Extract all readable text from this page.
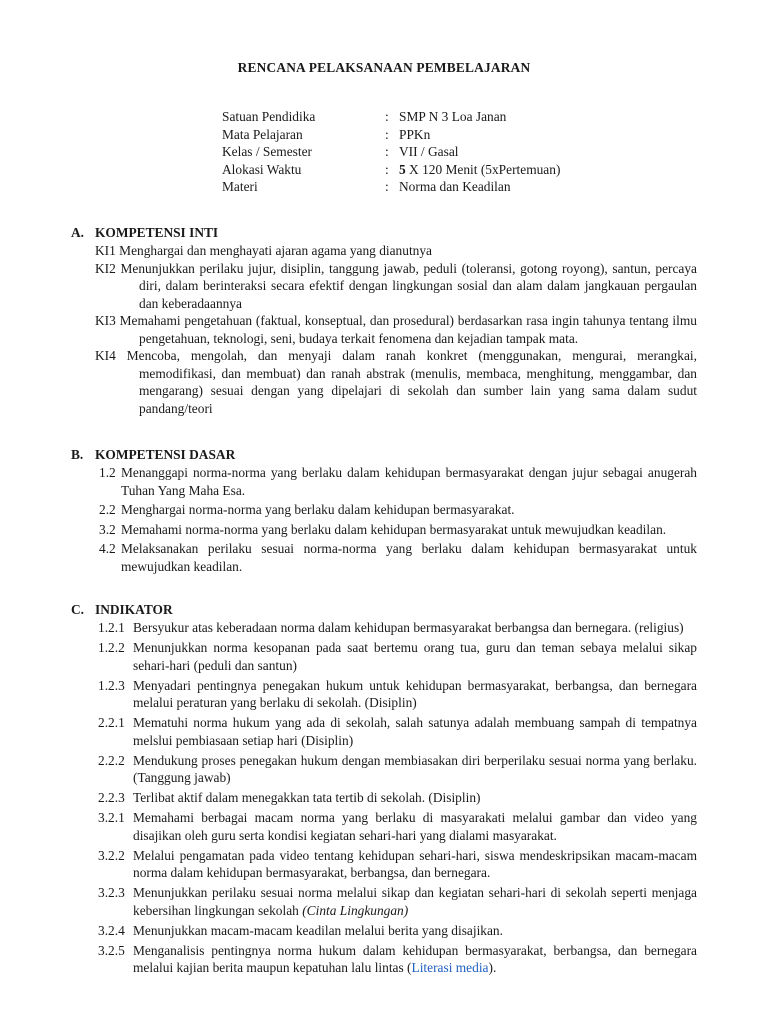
RENCANA PELAKSANAAN PEMBELAJARAN
Satuan Pendidika	: SMP N 3 Loa Janan
Mata Pelajaran	: PPKn
Kelas / Semester	: VII / Gasal
Alokasi Waktu	: 5 X 120 Menit (5xPertemuan)
Materi	: Norma dan Keadilan
A. KOMPETENSI INTI

KI1 Menghargai dan menghayati ajaran agama yang dianutnya

KI2 Menunjukkan perilaku jujur, disiplin, tanggung jawab, peduli (toleransi, gotong royong), santun, percaya diri, dalam berinteraksi secara efektif dengan lingkungan sosial dan alam dalam jangkauan pergaulan dan keberadaannya

KI3 Memahami pengetahuan (faktual, konseptual, dan prosedural) berdasarkan rasa ingin tahunya tentang ilmu pengetahuan, teknologi, seni, budaya terkait fenomena dan kejadian tampak mata.

KI4 Mencoba, mengolah, dan menyaji dalam ranah konkret (menggunakan, mengurai, merangkai, memodifikasi, dan membuat) dan ranah abstrak (menulis, membaca, menghitung, menggambar, dan mengarang) sesuai dengan yang dipelajari di sekolah dan sumber lain yang sama dalam sudut pandang/teori

B. KOMPETENSI DASAR

1.2 Menanggapi norma-norma yang berlaku dalam kehidupan bermasyarakat dengan jujur sebagai anugerah Tuhan Yang Maha Esa.

2.2 Menghargai norma-norma yang berlaku dalam kehidupan bermasyarakat.

3.2 Memahami norma-norma yang berlaku dalam kehidupan bermasyarakat untuk mewujudkan keadilan.

4.2 Melaksanakan perilaku sesuai norma-norma yang berlaku dalam kehidupan bermasyarakat untuk mewujudkan keadilan.

C. INDIKATOR

1.2.1 Bersyukur atas keberadaan norma dalam kehidupan bermasyarakat berbangsa dan bernegara. (religius)

1.2.2 Menunjukkan norma kesopanan pada saat bertemu orang tua, guru dan teman sebaya melalui sikap sehari-hari (peduli dan santun)

1.2.3 Menyadari pentingnya penegakan hukum untuk kehidupan bermasyarakat, berbangsa, dan bernegara melalui peraturan yang berlaku di sekolah. (Disiplin)

2.2.1 Mematuhi norma hukum yang ada di sekolah, salah satunya adalah membuang sampah di tempatnya melslui pembiasaan setiap hari (Disiplin)

2.2.2 Mendukung proses penegakan hukum dengan membiasakan diri berperilaku sesuai norma yang berlaku. (Tanggung jawab)

2.2.3 Terlibat aktif dalam menegakkan tata tertib di sekolah. (Disiplin)

3.2.1 Memahami berbagai macam norma yang berlaku di masyarakati melalui gambar dan video yang disajikan oleh guru serta kondisi kegiatan sehari-hari yang dialami masyarakat.

3.2.2 Melalui pengamatan pada video tentang kehidupan sehari-hari, siswa mendeskripsikan macam-macam norma dalam kehidupan bermasyarakat, berbangsa, dan bernegara.

3.2.3 Menunjukkan perilaku sesuai norma melalui sikap dan kegiatan sehari-hari di sekolah seperti menjaga kebersihan lingkungan sekolah (Cinta Lingkungan)

3.2.4 Menunjukkan macam-macam keadilan melalui berita yang disajikan.

3.2.5 Menganalisis pentingnya norma hukum dalam kehidupan bermasyarakat, berbangsa, dan bernegara melalui kajian berita maupun kepatuhan lalu lintas (Literasi media).
